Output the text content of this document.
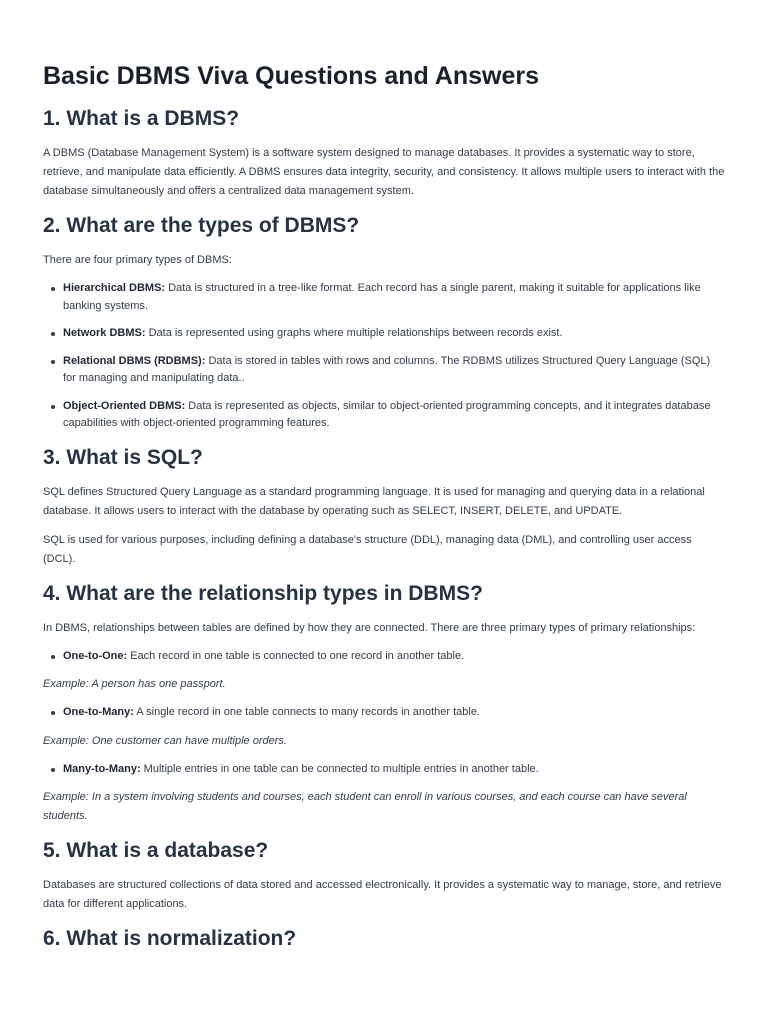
Basic DBMS Viva Questions and Answers
1. What is a DBMS?

A DBMS (Database Management System) is a software system designed to manage databases. It provides a systematic way to store, retrieve, and manipulate data efficiently. A DBMS ensures data integrity, security, and consistency. It allows multiple users to interact with the database simultaneously and offers a centralized data management system.

2. What are the types of DBMS?

There are four primary types of DBMS:

Hierarchical DBMS: Data is structured in a tree-like format. Each record has a single parent, making it suitable for applications like banking systems.
Network DBMS: Data is represented using graphs where multiple relationships between records exist.
Relational DBMS (RDBMS): Data is stored in tables with rows and columns. The RDBMS utilizes Structured Query Language (SQL) for managing and manipulating data..
Object-Oriented DBMS: Data is represented as objects, similar to object-oriented programming concepts, and it integrates database capabilities with object-oriented programming features.
3. What is SQL?

SQL defines Structured Query Language as a standard programming language. It is used for managing and querying data in a relational database. It allows users to interact with the database by operating such as SELECT, INSERT, DELETE, and UPDATE.

SQL is used for various purposes, including defining a database's structure (DDL), managing data (DML), and controlling user access (DCL).

4. What are the relationship types in DBMS?

In DBMS, relationships between tables are defined by how they are connected. There are three primary types of primary relationships:

One-to-One: Each record in one table is connected to one record in another table.

Example: A person has one passport.

One-to-Many: A single record in one table connects to many records in another table.

Example: One customer can have multiple orders.

Many-to-Many: Multiple entries in one table can be connected to multiple entries in another table.

Example: In a system involving students and courses, each student can enroll in various courses, and each course can have several students.

5. What is a database?

Databases are structured collections of data stored and accessed electronically. It provides a systematic way to manage, store, and retrieve data for different applications.

6. What is normalization?
